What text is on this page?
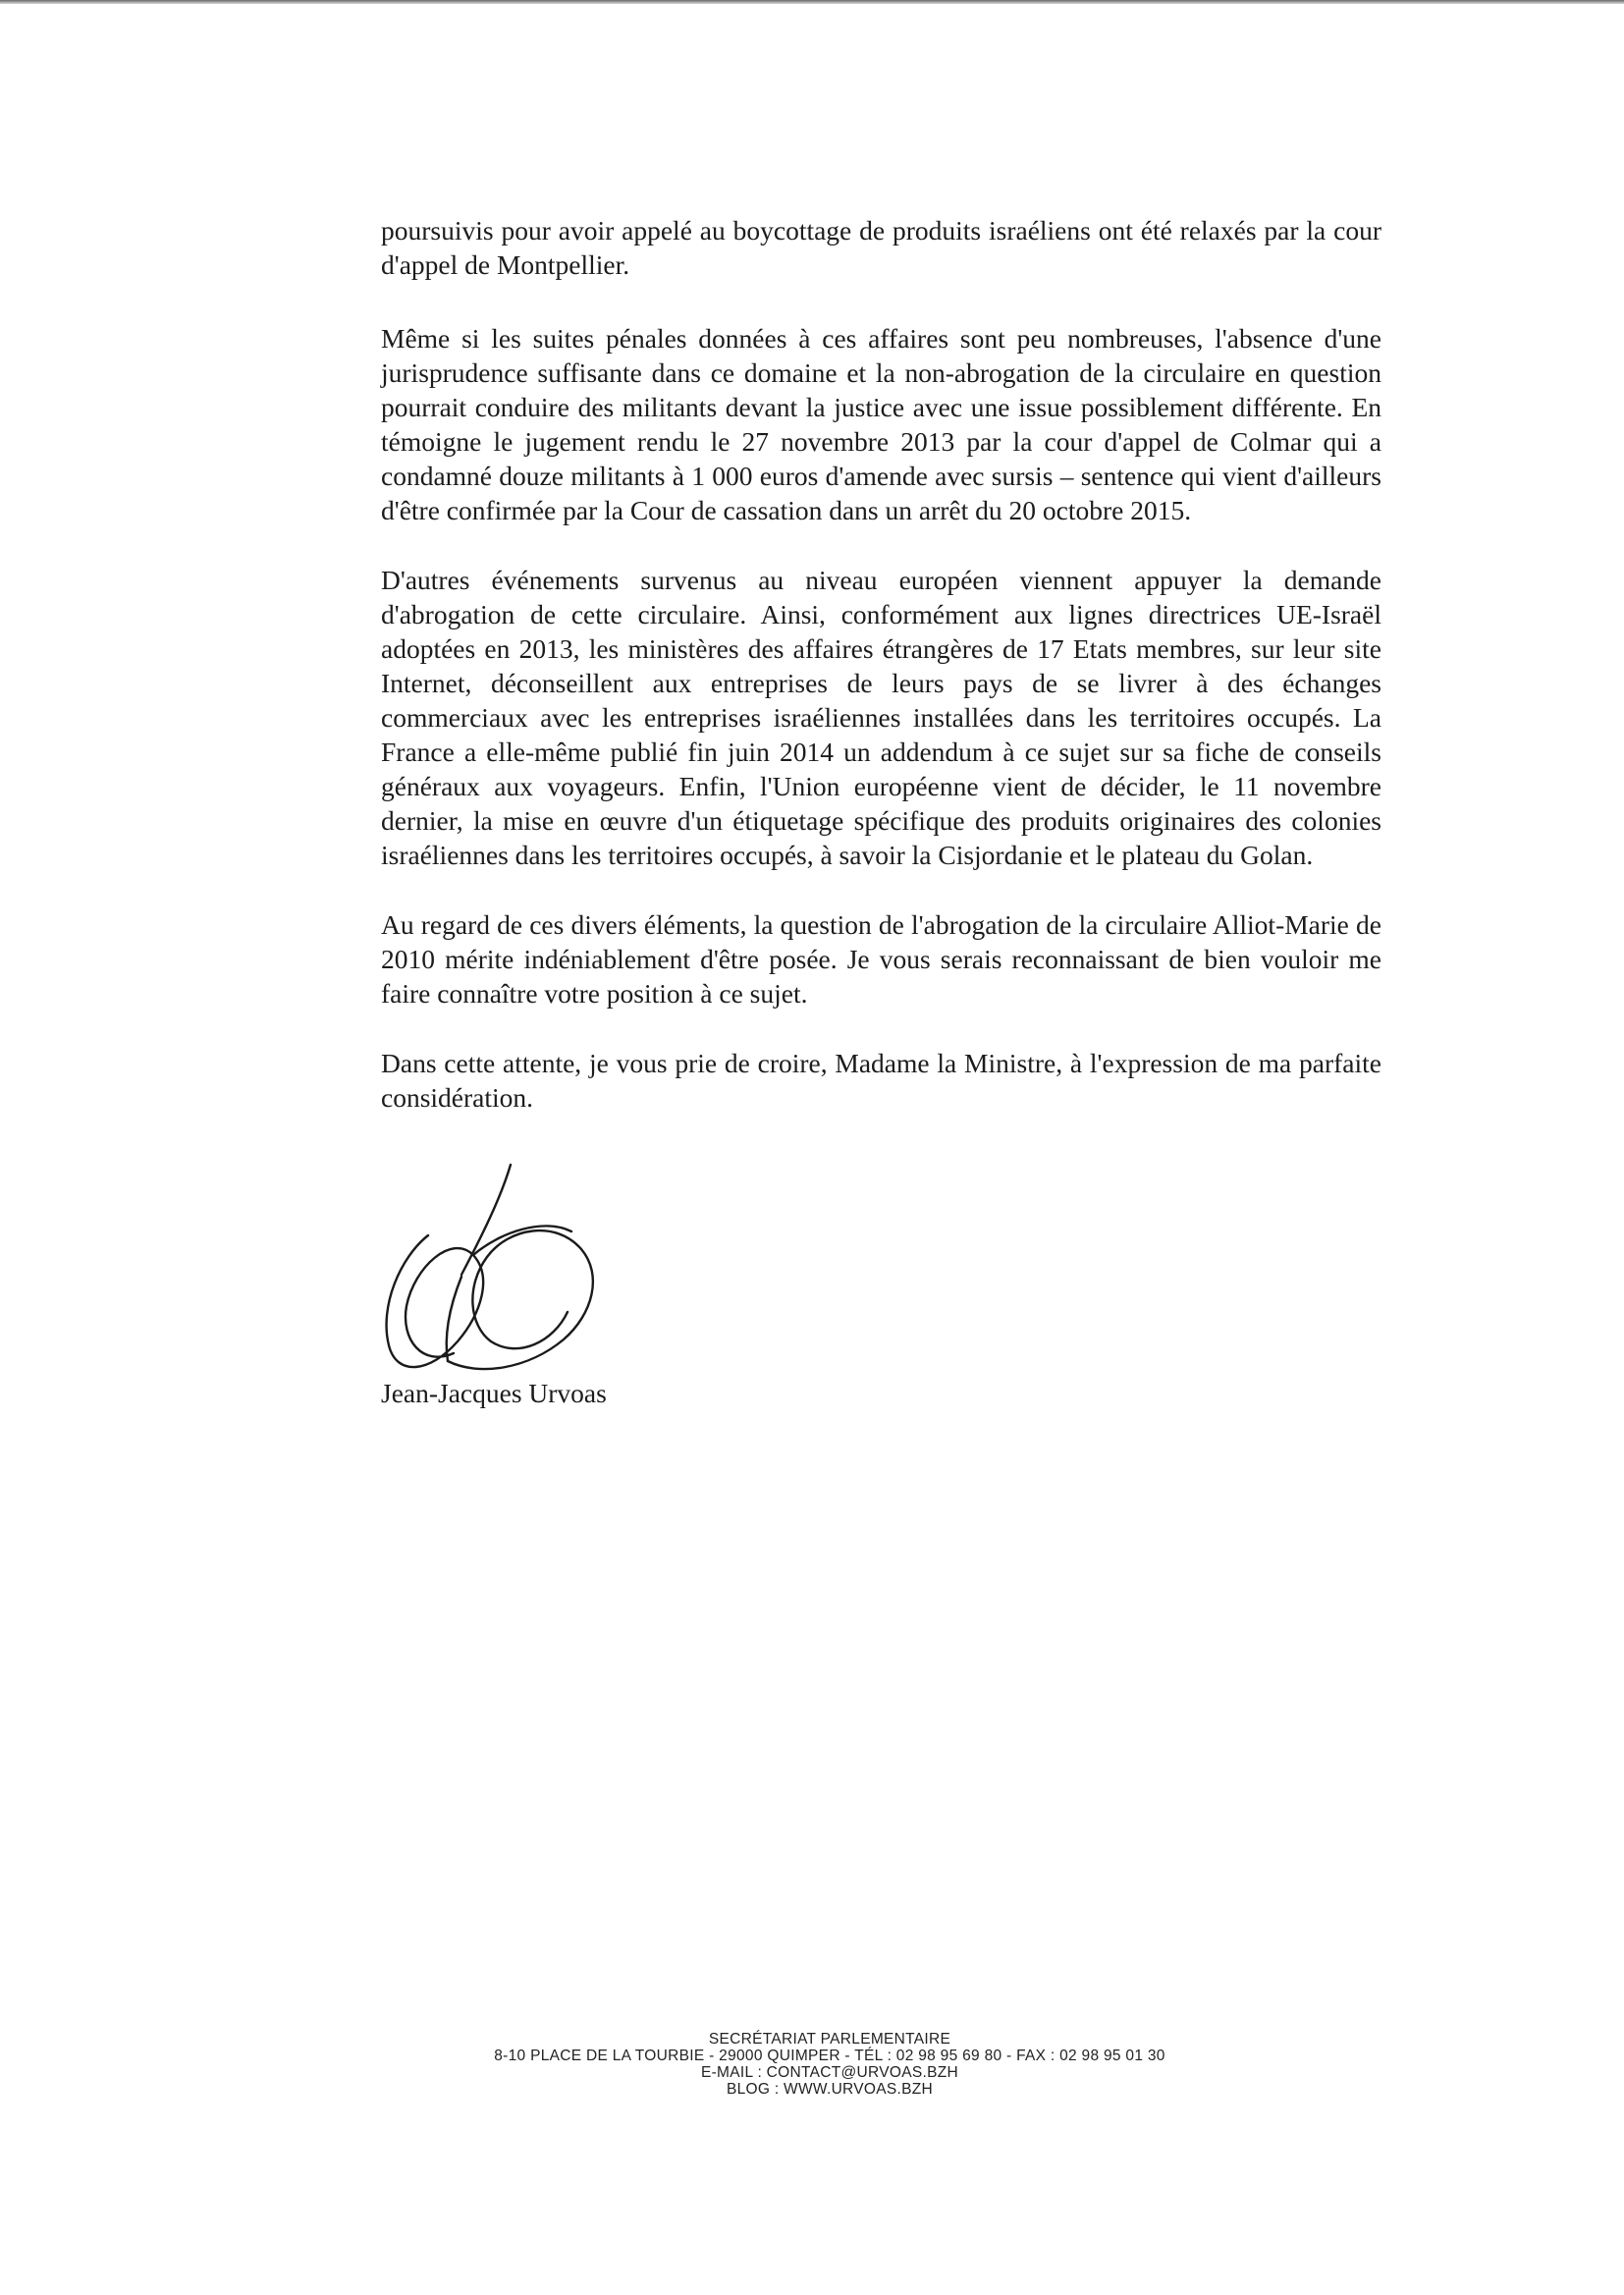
poursuivis pour avoir appelé au boycottage de produits israéliens ont été relaxés par la cour d'appel de Montpellier.

Même si les suites pénales données à ces affaires sont peu nombreuses, l'absence d'une jurisprudence suffisante dans ce domaine et la non-abrogation de la circulaire en question pourrait conduire des militants devant la justice avec une issue possiblement différente. En témoigne le jugement rendu le 27 novembre 2013 par la cour d'appel de Colmar qui a condamné douze militants à 1 000 euros d'amende avec sursis – sentence qui vient d'ailleurs d'être confirmée par la Cour de cassation dans un arrêt du 20 octobre 2015.

D'autres événements survenus au niveau européen viennent appuyer la demande d'abrogation de cette circulaire. Ainsi, conformément aux lignes directrices UE-Israël adoptées en 2013, les ministères des affaires étrangères de 17 Etats membres, sur leur site Internet, déconseillent aux entreprises de leurs pays de se livrer à des échanges commerciaux avec les entreprises israéliennes installées dans les territoires occupés. La France a elle-même publié fin juin 2014 un addendum à ce sujet sur sa fiche de conseils généraux aux voyageurs. Enfin, l'Union européenne vient de décider, le 11 novembre dernier, la mise en œuvre d'un étiquetage spécifique des produits originaires des colonies israéliennes dans les territoires occupés, à savoir la Cisjordanie et le plateau du Golan.

Au regard de ces divers éléments, la question de l'abrogation de la circulaire Alliot-Marie de 2010 mérite indéniablement d'être posée. Je vous serais reconnaissant de bien vouloir me faire connaître votre position à ce sujet.

Dans cette attente, je vous prie de croire, Madame la Ministre, à l'expression de ma parfaite considération.

Jean-Jacques Urvoas
SECRÉTARIAT PARLEMENTAIRE
8-10 PLACE DE LA TOURBIE - 29000 QUIMPER - TÉL : 02 98 95 69 80 - FAX : 02 98 95 01 30
E-MAIL : CONTACT@URVOAS.BZH
BLOG : WWW.URVOAS.BZH
